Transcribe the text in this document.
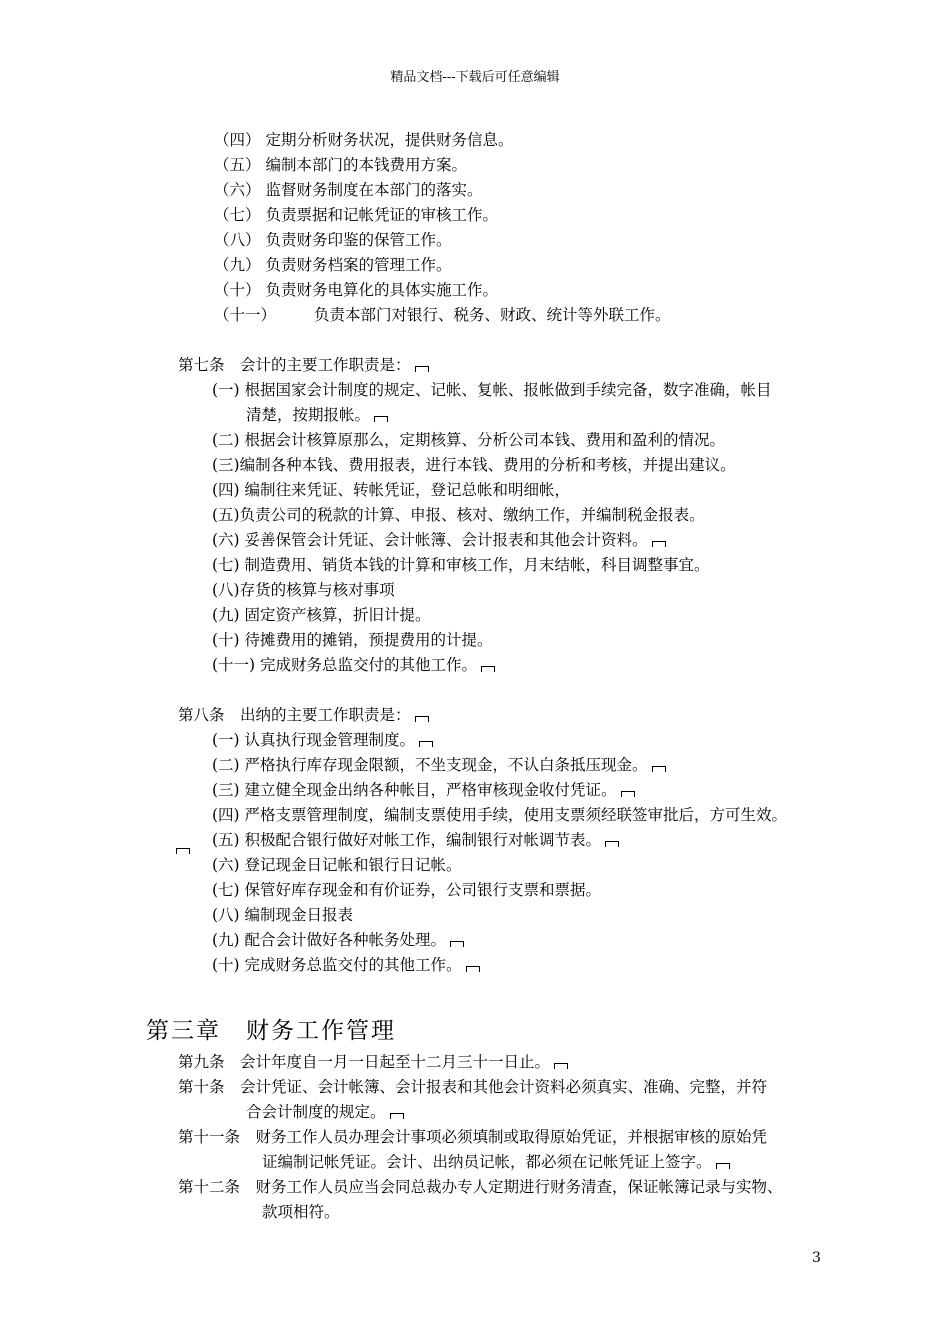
精品文档---下载后可任意编辑
（四） 定期分析财务状况，提供财务信息。
（五） 编制本部门的本钱费用方案。
（六） 监督财务制度在本部门的落实。
（七） 负责票据和记帐凭证的审核工作。
（八） 负责财务印鉴的保管工作。
（九） 负责财务档案的管理工作。
（十） 负责财务电算化的具体实施工作。
（十一） 负责本部门对银行、税务、财政、统计等外联工作。
第七条　会计的主要工作职责是：
(一) 根据国家会计制度的规定、记帐、复帐、报帐做到手续完备，数字准确，帐目
清楚，按期报帐。
(二) 根据会计核算原那么，定期核算、分析公司本钱、费用和盈利的情况。
(三)编制各种本钱、费用报表，进行本钱、费用的分析和考核，并提出建议。
(四) 编制往来凭证、转帐凭证，登记总帐和明细帐，
(五)负责公司的税款的计算、申报、核对、缴纳工作，并编制税金报表。
(六) 妥善保管会计凭证、会计帐簿、会计报表和其他会计资料。
(七) 制造费用、销货本钱的计算和审核工作，月末结帐，科目调整事宜。
(八)存货的核算与核对事项
(九) 固定资产核算，折旧计提。
(十) 待摊费用的摊销，预提费用的计提。
(十一) 完成财务总监交付的其他工作。
第八条　出纳的主要工作职责是：
(一) 认真执行现金管理制度。
(二) 严格执行库存现金限额，不坐支现金，不认白条抵压现金。
(三) 建立健全现金出纳各种帐目，严格审核现金收付凭证。
(四) 严格支票管理制度，编制支票使用手续，使用支票须经联签审批后，方可生效。
(五) 积极配合银行做好对帐工作，编制银行对帐调节表。
(六) 登记现金日记帐和银行日记帐。
(七) 保管好库存现金和有价证券，公司银行支票和票据。
(八) 编制现金日报表
(九) 配合会计做好各种帐务处理。
(十) 完成财务总监交付的其他工作。
第三章　财务工作管理
第九条　会计年度自一月一日起至十二月三十一日止。
第十条　会计凭证、会计帐簿、会计报表和其他会计资料必须真实、准确、完整，并符
合会计制度的规定。
第十一条　财务工作人员办理会计事项必须填制或取得原始凭证，并根据审核的原始凭
证编制记帐凭证。会计、出纳员记帐，都必须在记帐凭证上签字。
第十二条　财务工作人员应当会同总裁办专人定期进行财务清查，保证帐簿记录与实物、
款项相符。
3
